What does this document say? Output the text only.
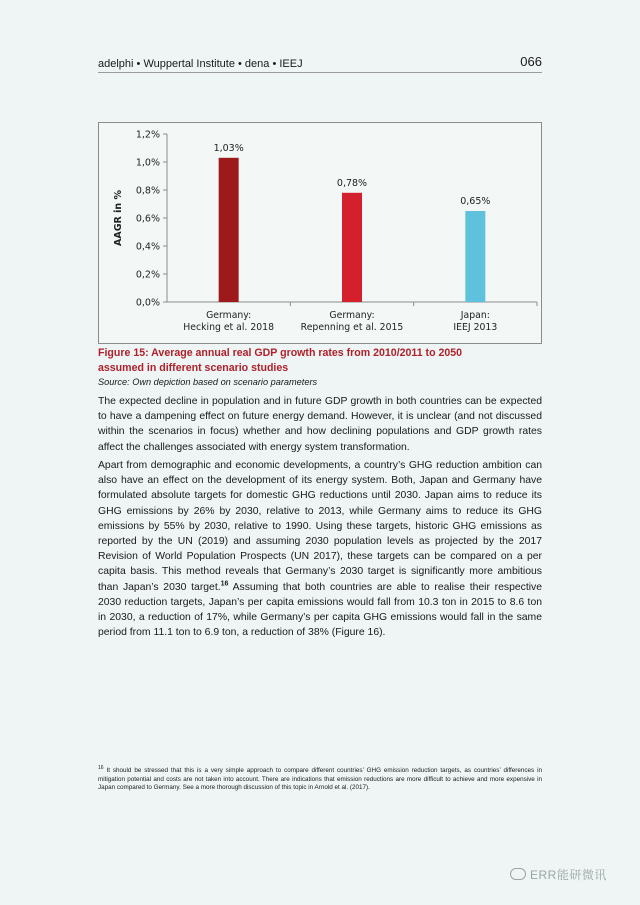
adelphi • Wuppertal Institute • dena • IEEJ	066
0,0%
0,2%
0,4%
0,6%
0,8%
1,0%
1,2%
AAGR in %
1,03%
Germany:
Hecking et al. 2018
0,78%
Germany:
Repenning et al. 2015
0,65%
Japan:
IEEJ 2013
Figure 15: Average annual real GDP growth rates from 2010/2011 to 2050
assumed in different scenario studies
Source: Own depiction based on scenario parameters

The expected decline in population and in future GDP growth in both countries can be expected to have a dampening effect on future energy demand. However, it is unclear (and not discussed within the scenarios in focus) whether and how declining populations and GDP growth rates affect the challenges associated with energy system transformation.

Apart from demographic and economic developments, a country’s GHG reduction ambition can also have an effect on the development of its energy system. Both, Japan and Germany have formulated absolute targets for domestic GHG reductions until 2030. Japan aims to reduce its GHG emissions by 26% by 2030, relative to 2013, while Germany aims to reduce its GHG emissions by 55% by 2030, relative to 1990. Using these targets, historic GHG emissions as reported by the UN (2019) and assuming 2030 population levels as projected by the 2017 Revision of World Population Prospects (UN 2017), these targets can be compared on a per capita basis. This method reveals that Germany’s 2030 target is significantly more ambitious than Japan’s 2030 target.$^{16}$ Assuming that both countries are able to realise their respective 2030 reduction targets, Japan’s per capita emissions would fall from 10.3 ton in 2015 to 8.6 ton in 2030, a reduction of 17%, while Germany’s per capita GHG emissions would fall in the same period from 11.1 ton to 6.9 ton, a reduction of 38% (Figure 16).

$^{16}$ It should be stressed that this is a very simple approach to compare different countries’ GHG emission reduction targets, as countries’ differences in mitigation potential and costs are not taken into account. There are indications that emission reductions are more difficult to achieve and more expensive in Japan compared to Germany. See a more thorough discussion of this topic in Arnold et al. (2017).
ERR能研微讯
